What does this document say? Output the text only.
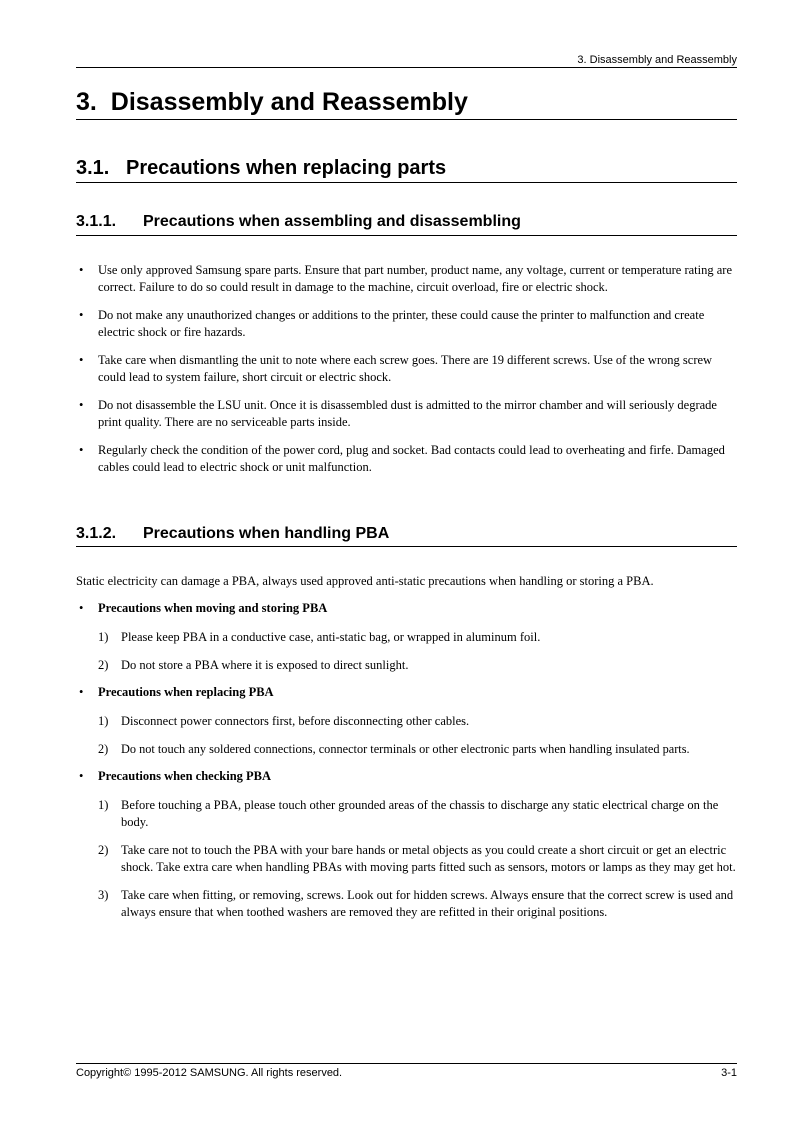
3. Disassembly and Reassembly
3. Disassembly and Reassembly
3.1. Precautions when replacing parts
3.1.1. Precautions when assembling and disassembling
• Use only approved Samsung spare parts. Ensure that part number, product name, any voltage, current or temperature rating are correct. Failure to do so could result in damage to the machine, circuit overload, fire or electric shock.
• Do not make any unauthorized changes or additions to the printer, these could cause the printer to malfunction and create electric shock or fire hazards.
• Take care when dismantling the unit to note where each screw goes. There are 19 different screws. Use of the wrong screw could lead to system failure, short circuit or electric shock.
• Do not disassemble the LSU unit. Once it is disassembled dust is admitted to the mirror chamber and will seriously degrade print quality. There are no serviceable parts inside.
• Regularly check the condition of the power cord, plug and socket. Bad contacts could lead to overheating and firfe. Damaged cables could lead to electric shock or unit malfunction.
3.1.2. Precautions when handling PBA

Static electricity can damage a PBA, always used approved anti-static precautions when handling or storing a PBA.

• Precautions when moving and storing PBA
1) Please keep PBA in a conductive case, anti-static bag, or wrapped in aluminum foil.
2) Do not store a PBA where it is exposed to direct sunlight.
• Precautions when replacing PBA
1) Disconnect power connectors first, before disconnecting other cables.
2) Do not touch any soldered connections, connector terminals or other electronic parts when handling insulated parts.
• Precautions when checking PBA
1) Before touching a PBA, please touch other grounded areas of the chassis to discharge any static electrical charge on the body.
2) Take care not to touch the PBA with your bare hands or metal objects as you could create a short circuit or get an electric shock. Take extra care when handling PBAs with moving parts fitted such as sensors, motors or lamps as they may get hot.
3) Take care when fitting, or removing, screws. Look out for hidden screws. Always ensure that the correct screw is used and always ensure that when toothed washers are removed they are refitted in their original positions.
Copyright© 1995-2012 SAMSUNG. All rights reserved.	3-1
